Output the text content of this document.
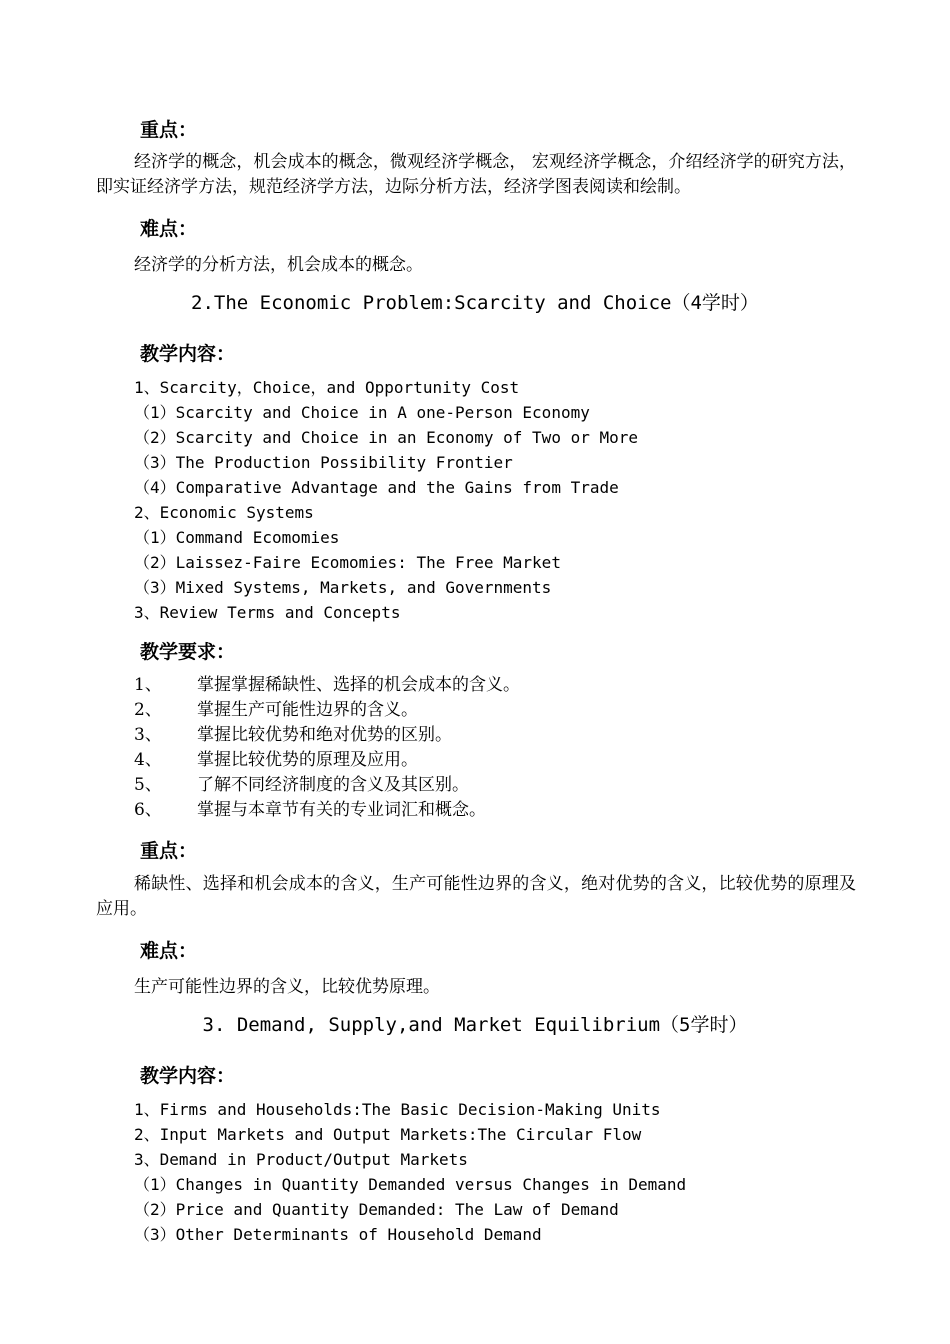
重点：
经济学的概念，机会成本的概念，微观经济学概念， 宏观经济学概念，介绍经济学的研究方法，即实证经济学方法，规范经济学方法，边际分析方法，经济学图表阅读和绘制。
难点：
经济学的分析方法，机会成本的概念。
2.The Economic Problem:Scarcity and Choice（4学时）
教学内容：
1、Scarcity，Choice，and Opportunity Cost
（1）Scarcity and Choice in A one-Person Economy
（2）Scarcity and Choice in an Economy of Two or More
（3）The Production Possibility Frontier
（4）Comparative Advantage and the Gains from Trade
2、Economic Systems
（1）Command Ecomomies
（2）Laissez-Faire Ecomomies: The Free Market
（3）Mixed Systems, Markets, and Governments
3、Review Terms and Concepts
教学要求：
1、	掌握掌握稀缺性、选择的机会成本的含义。
2、	掌握生产可能性边界的含义。
3、	掌握比较优势和绝对优势的区别。
4、	掌握比较优势的原理及应用。
5、	了解不同经济制度的含义及其区别。
6、	掌握与本章节有关的专业词汇和概念。
重点：
稀缺性、选择和机会成本的含义，生产可能性边界的含义，绝对优势的含义，比较优势的原理及应用。
难点：
生产可能性边界的含义，比较优势原理。
3. Demand, Supply,and Market Equilibrium（5学时）
教学内容：
1、Firms and Households:The Basic Decision-Making Units
2、Input Markets and Output Markets:The Circular Flow
3、Demand in Product/Output Markets
（1）Changes in Quantity Demanded versus Changes in Demand
（2）Price and Quantity Demanded: The Law of Demand
（3）Other Determinants of Household Demand
